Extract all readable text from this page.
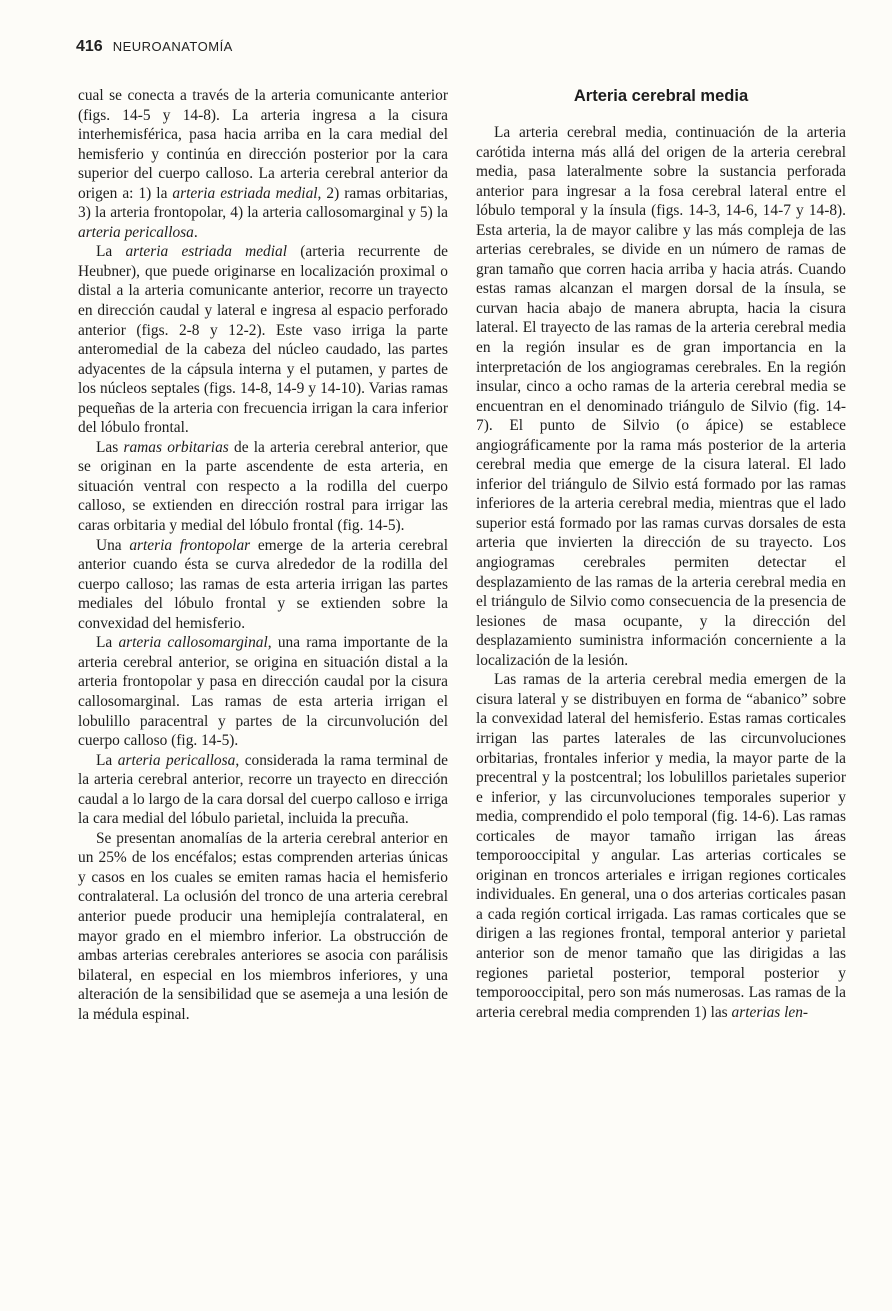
416 NEUROANATOMÍA

cual se conecta a través de la arteria comunicante anterior (figs. 14-5 y 14-8). La arteria ingresa a la cisura interhemisférica, pasa hacia arriba en la cara medial del hemisferio y continúa en dirección posterior por la cara superior del cuerpo calloso. La arteria cerebral anterior da origen a: 1) la arteria estriada medial, 2) ramas orbitarias, 3) la arteria frontopolar, 4) la arteria callosomarginal y 5) la arteria pericallosa.

La arteria estriada medial (arteria recurrente de Heubner), que puede originarse en localización proximal o distal a la arteria comunicante anterior, recorre un trayecto en dirección caudal y lateral e ingresa al espacio perforado anterior (figs. 2-8 y 12-2). Este vaso irriga la parte anteromedial de la cabeza del núcleo caudado, las partes adyacentes de la cápsula interna y el putamen, y partes de los núcleos septales (figs. 14-8, 14-9 y 14-10). Varias ramas pequeñas de la arteria con frecuencia irrigan la cara inferior del lóbulo frontal.

Las ramas orbitarias de la arteria cerebral anterior, que se originan en la parte ascendente de esta arteria, en situación ventral con respecto a la rodilla del cuerpo calloso, se extienden en dirección rostral para irrigar las caras orbitaria y medial del lóbulo frontal (fig. 14-5).

Una arteria frontopolar emerge de la arteria cerebral anterior cuando ésta se curva alrededor de la rodilla del cuerpo calloso; las ramas de esta arteria irrigan las partes mediales del lóbulo frontal y se extienden sobre la convexidad del hemisferio.

La arteria callosomarginal, una rama importante de la arteria cerebral anterior, se origina en situación distal a la arteria frontopolar y pasa en dirección caudal por la cisura callosomarginal. Las ramas de esta arteria irrigan el lobulillo paracentral y partes de la circunvolución del cuerpo calloso (fig. 14-5).

La arteria pericallosa, considerada la rama terminal de la arteria cerebral anterior, recorre un trayecto en dirección caudal a lo largo de la cara dorsal del cuerpo calloso e irriga la cara medial del lóbulo parietal, incluida la precuña.

Se presentan anomalías de la arteria cerebral anterior en un 25% de los encéfalos; estas comprenden arterias únicas y casos en los cuales se emiten ramas hacia el hemisferio contralateral. La oclusión del tronco de una arteria cerebral anterior puede producir una hemiplejía contralateral, en mayor grado en el miembro inferior. La obstrucción de ambas arterias cerebrales anteriores se asocia con parálisis bilateral, en especial en los miembros inferiores, y una alteración de la sensibilidad que se asemeja a una lesión de la médula espinal.

Arteria cerebral media

La arteria cerebral media, continuación de la arteria carótida interna más allá del origen de la arteria cerebral media, pasa lateralmente sobre la sustancia perforada anterior para ingresar a la fosa cerebral lateral entre el lóbulo temporal y la ínsula (figs. 14-3, 14-6, 14-7 y 14-8). Esta arteria, la de mayor calibre y las más compleja de las arterias cerebrales, se divide en un número de ramas de gran tamaño que corren hacia arriba y hacia atrás. Cuando estas ramas alcanzan el margen dorsal de la ínsula, se curvan hacia abajo de manera abrupta, hacia la cisura lateral. El trayecto de las ramas de la arteria cerebral media en la región insular es de gran importancia en la interpretación de los angiogramas cerebrales. En la región insular, cinco a ocho ramas de la arteria cerebral media se encuentran en el denominado triángulo de Silvio (fig. 14-7). El punto de Silvio (o ápice) se establece angiográficamente por la rama más posterior de la arteria cerebral media que emerge de la cisura lateral. El lado inferior del triángulo de Silvio está formado por las ramas inferiores de la arteria cerebral media, mientras que el lado superior está formado por las ramas curvas dorsales de esta arteria que invierten la dirección de su trayecto. Los angiogramas cerebrales permiten detectar el desplazamiento de las ramas de la arteria cerebral media en el triángulo de Silvio como consecuencia de la presencia de lesiones de masa ocupante, y la dirección del desplazamiento suministra información concerniente a la localización de la lesión.

Las ramas de la arteria cerebral media emergen de la cisura lateral y se distribuyen en forma de “abanico” sobre la convexidad lateral del hemisferio. Estas ramas corticales irrigan las partes laterales de las circunvoluciones orbitarias, frontales inferior y media, la mayor parte de la precentral y la postcentral; los lobulillos parietales superior e inferior, y las circunvoluciones temporales superior y media, comprendido el polo temporal (fig. 14-6). Las ramas corticales de mayor tamaño irrigan las áreas temporooccipital y angular. Las arterias corticales se originan en troncos arteriales e irrigan regiones corticales individuales. En general, una o dos arterias corticales pasan a cada región cortical irrigada. Las ramas corticales que se dirigen a las regiones frontal, temporal anterior y parietal anterior son de menor tamaño que las dirigidas a las regiones parietal posterior, temporal posterior y temporooccipital, pero son más numerosas. Las ramas de la arteria cerebral media comprenden 1) las arterias len-
